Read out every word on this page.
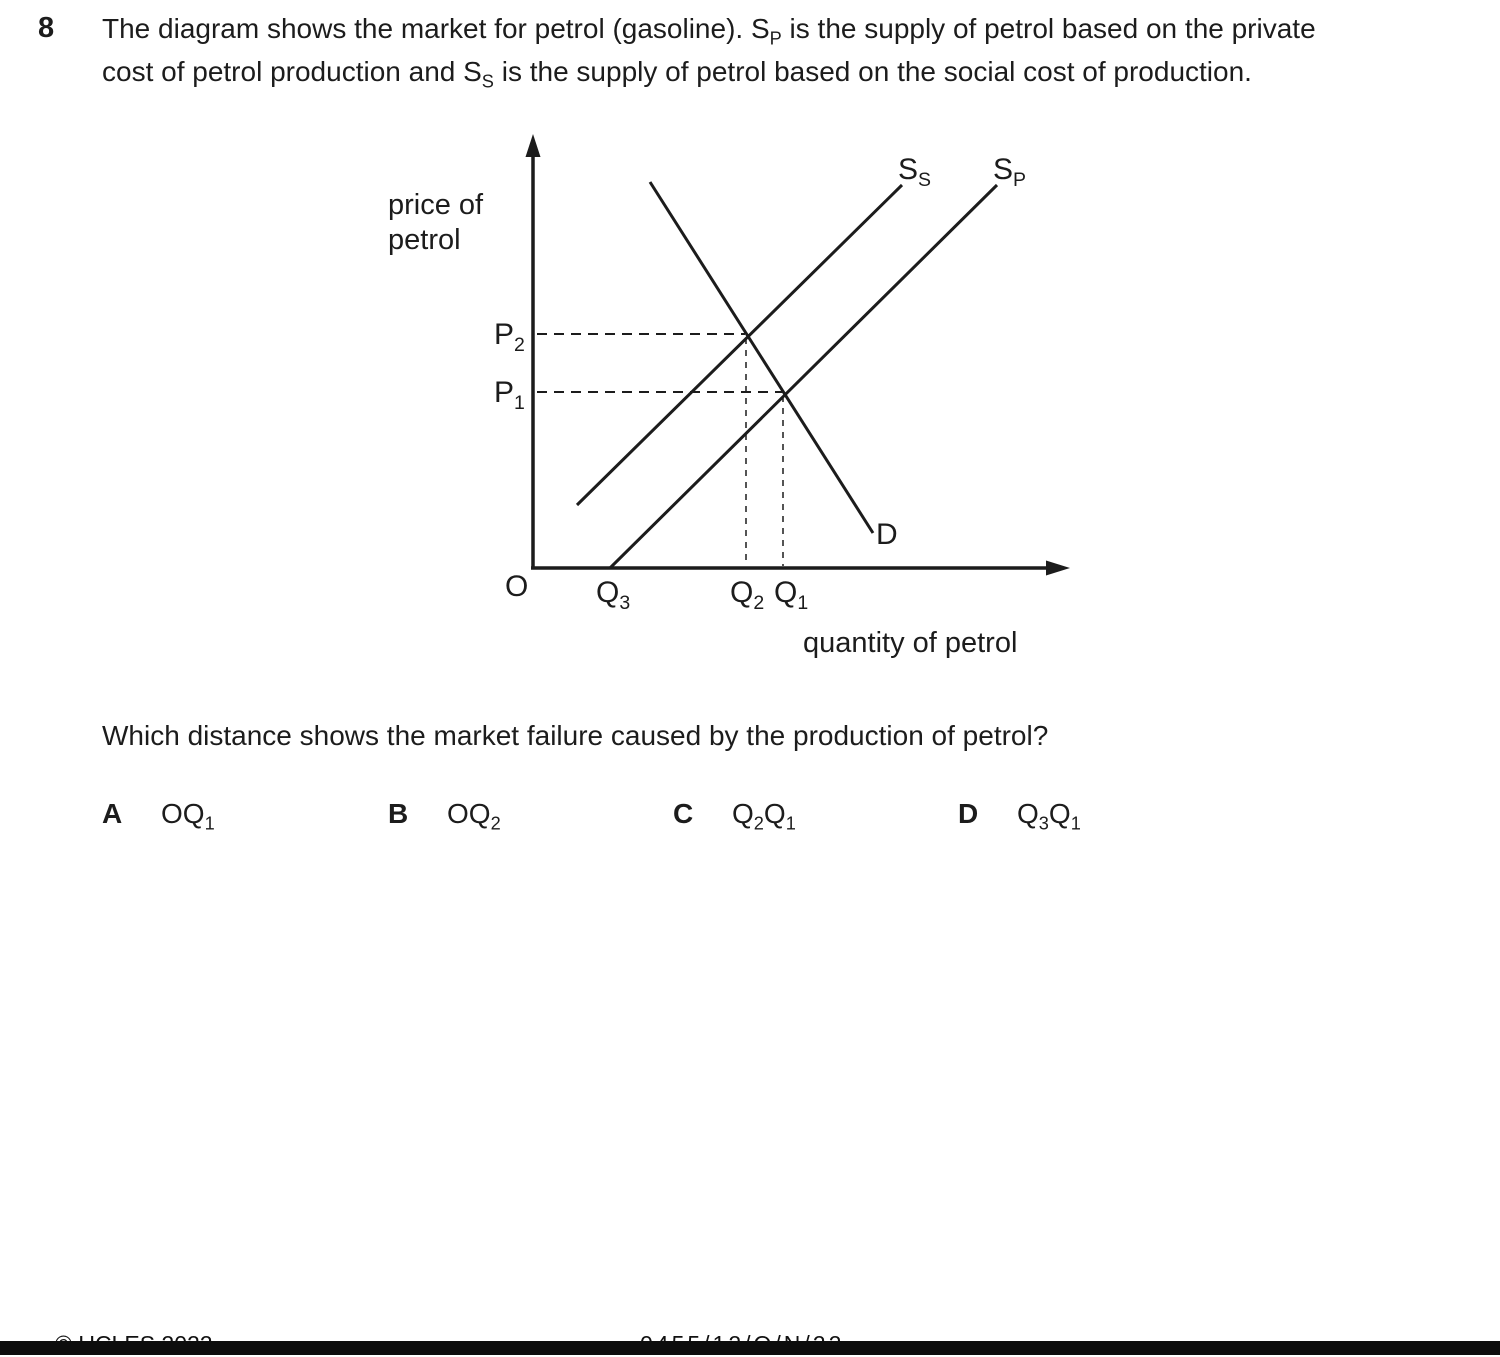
8 The diagram shows the market for petrol (gasoline). $S_P$ is the supply of petrol based on the private
cost of petrol production and $S_S$ is the supply of petrol based on the social cost of production.

price of
petrol
quantity of petrol
$P_2$
$P_1$
O $Q_3$	$Q_2$ $Q_1$
$S_S$ $S_P$
D

Which distance shows the market failure caused by the production of petrol?

A $OQ_1$	B $OQ_2$	C $Q_2Q_1$	D $Q_3Q_1$
